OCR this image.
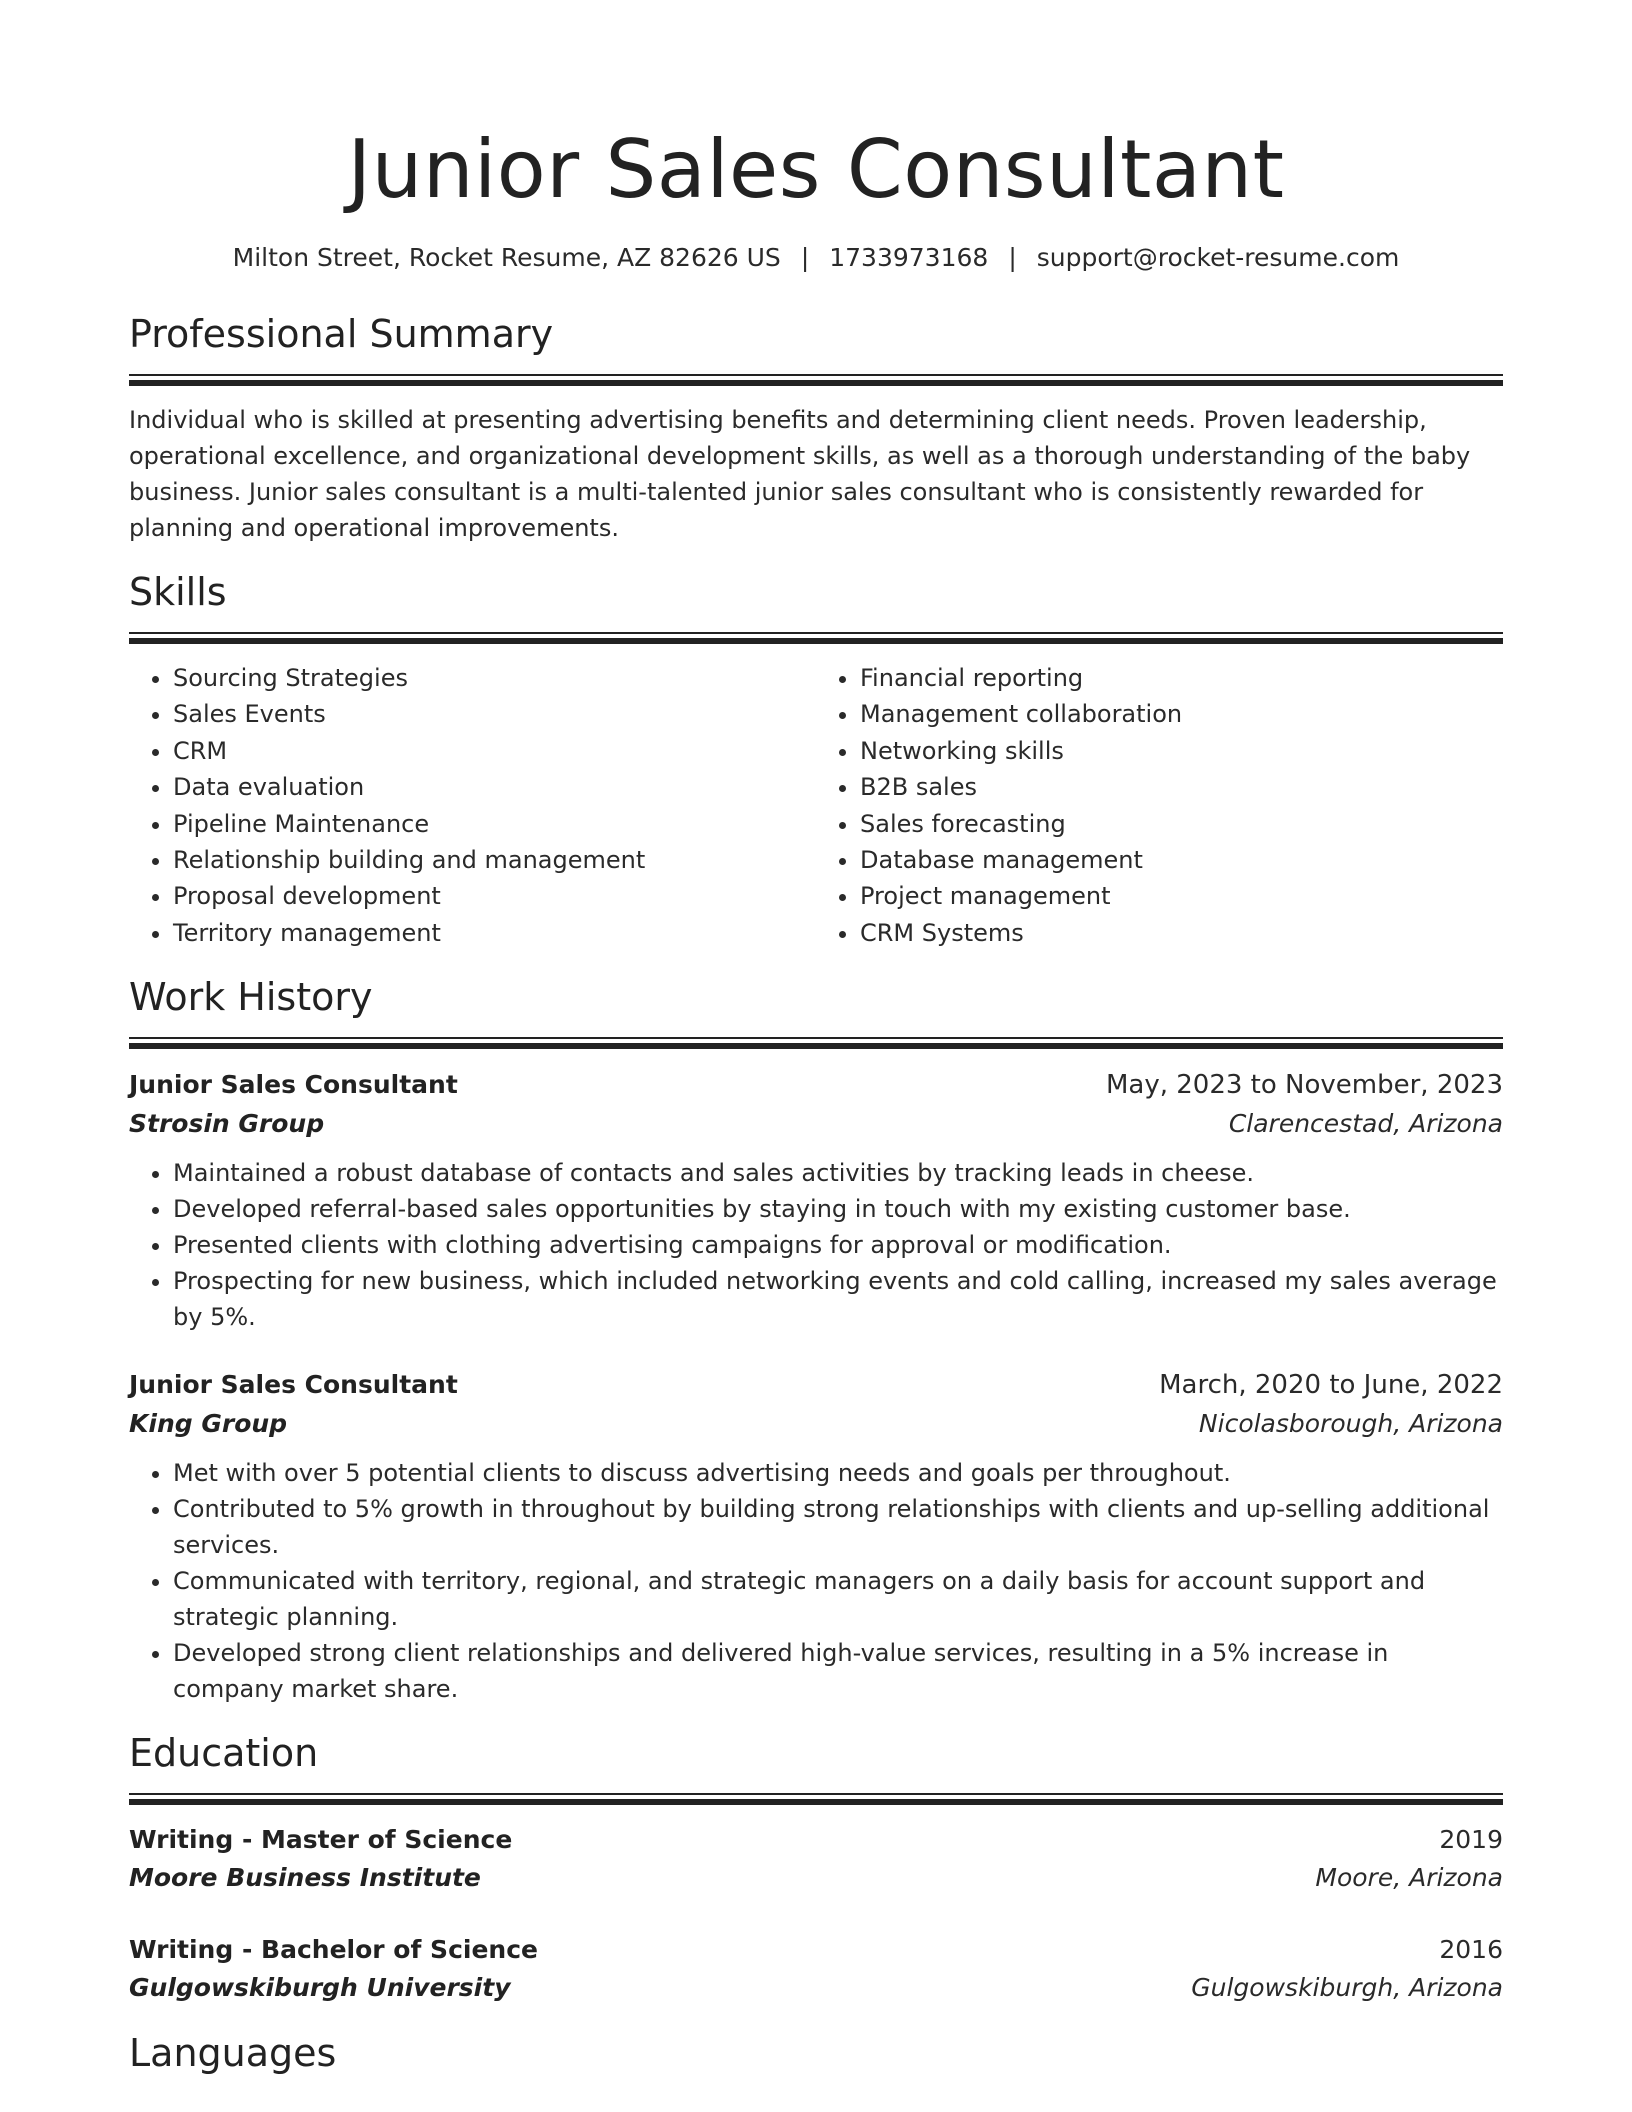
Junior Sales Consultant
Milton Street, Rocket Resume, AZ 82626 US | 1733973168 | support@rocket-resume.com
Professional Summary
Individual who is skilled at presenting advertising benefits and determining client needs. Proven leadership, operational excellence, and organizational development skills, as well as a thorough understanding of the baby business. Junior sales consultant is a multi-talented junior sales consultant who is consistently rewarded for planning and operational improvements.
Skills
• Sourcing Strategies
• Sales Events
• CRM
• Data evaluation
• Pipeline Maintenance
• Relationship building and management
• Proposal development
• Territory management
• Financial reporting
• Management collaboration
• Networking skills
• B2B sales
• Sales forecasting
• Database management
• Project management
• CRM Systems
Work History
Junior Sales Consultant	May, 2023 to November, 2023
Strosin Group	Clarencestad, Arizona
• Maintained a robust database of contacts and sales activities by tracking leads in cheese.
• Developed referral-based sales opportunities by staying in touch with my existing customer base.
• Presented clients with clothing advertising campaigns for approval or modification.
• Prospecting for new business, which included networking events and cold calling, increased my sales average by 5%.
Junior Sales Consultant	March, 2020 to June, 2022
King Group	Nicolasborough, Arizona
• Met with over 5 potential clients to discuss advertising needs and goals per throughout.
• Contributed to 5% growth in throughout by building strong relationships with clients and up-selling additional services.
• Communicated with territory, regional, and strategic managers on a daily basis for account support and strategic planning.
• Developed strong client relationships and delivered high-value services, resulting in a 5% increase in company market share.
Education
Writing - Master of Science	2019
Moore Business Institute	Moore, Arizona
Writing - Bachelor of Science	2016
Gulgowskiburgh University	Gulgowskiburgh, Arizona
Languages
